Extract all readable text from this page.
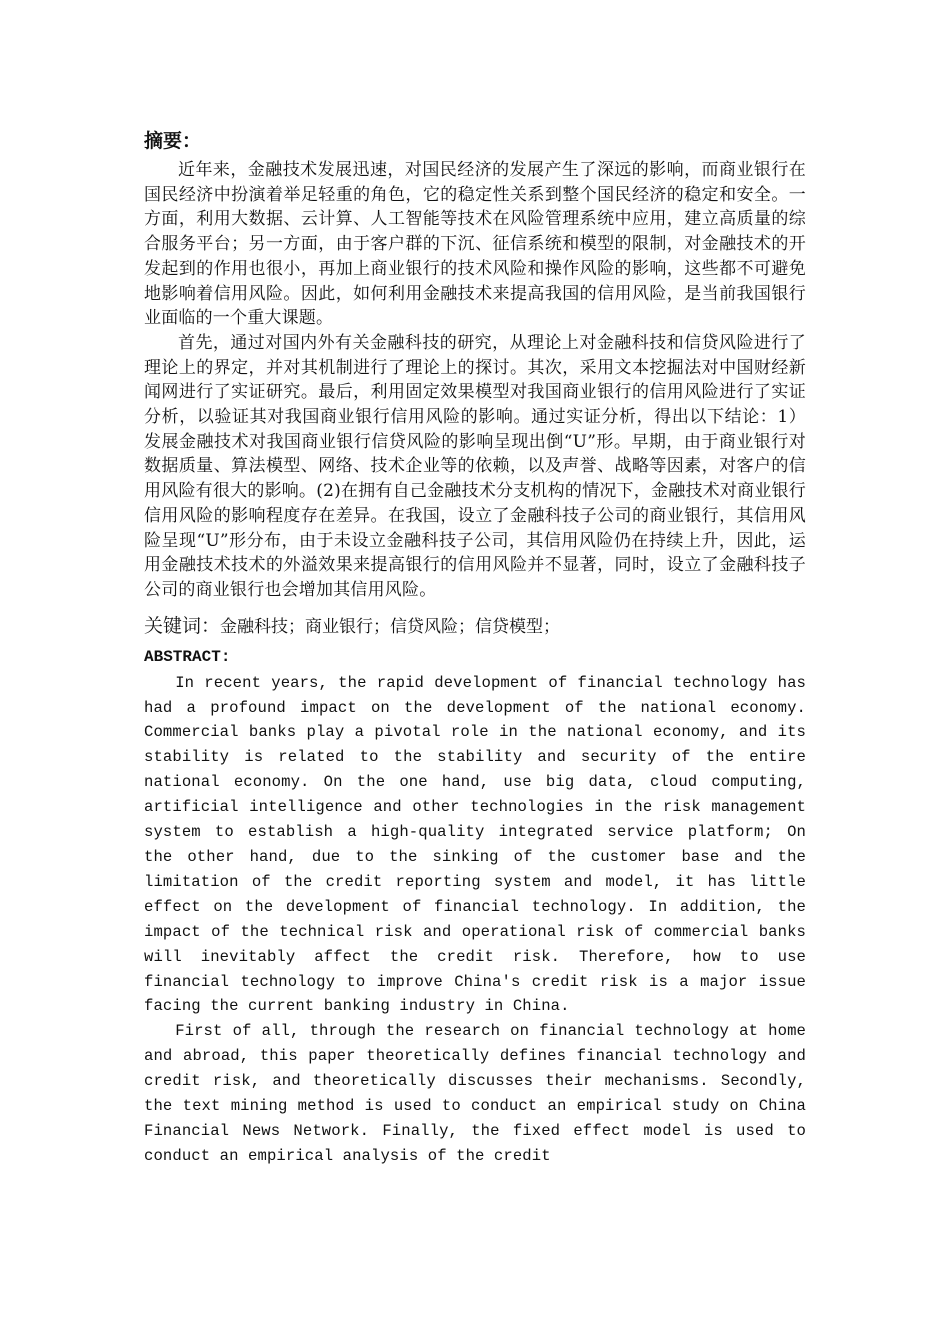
摘要：

近年来，金融技术发展迅速，对国民经济的发展产生了深远的影响，而商业银行在国民经济中扮演着举足轻重的角色，它的稳定性关系到整个国民经济的稳定和安全。一方面，利用大数据、云计算、人工智能等技术在风险管理系统中应用，建立高质量的综合服务平台；另一方面，由于客户群的下沉、征信系统和模型的限制，对金融技术的开发起到的作用也很小，再加上商业银行的技术风险和操作风险的影响，这些都不可避免地影响着信用风险。因此，如何利用金融技术来提高我国的信用风险，是当前我国银行业面临的一个重大课题。

首先，通过对国内外有关金融科技的研究，从理论上对金融科技和信贷风险进行了理论上的界定，并对其机制进行了理论上的探讨。其次，采用文本挖掘法对中国财经新闻网进行了实证研究。最后，利用固定效果模型对我国商业银行的信用风险进行了实证分析，以验证其对我国商业银行信用风险的影响。通过实证分析，得出以下结论：1）发展金融技术对我国商业银行信贷风险的影响呈现出倒“U”形。早期，由于商业银行对数据质量、算法模型、网络、技术企业等的依赖，以及声誉、战略等因素，对客户的信用风险有很大的影响。(2)在拥有自己金融技术分支机构的情况下，金融技术对商业银行信用风险的影响程度存在差异。在我国，设立了金融科技子公司的商业银行，其信用风险呈现“U”形分布，由于未设立金融科技子公司，其信用风险仍在持续上升，因此，运用金融技术技术的外溢效果来提高银行的信用风险并不显著，同时，设立了金融科技子公司的商业银行也会增加其信用风险。

关键词：金融科技；商业银行；信贷风险；信贷模型；

ABSTRACT:

In recent years, the rapid development of financial technology has had a profound impact on the development of the national economy. Commercial banks play a pivotal role in the national economy, and its stability is related to the stability and security of the entire national economy. On the one hand, use big data, cloud computing, artificial intelligence and other technologies in the risk management system to establish a high-quality integrated service platform; On the other hand, due to the sinking of the customer base and the limitation of the credit reporting system and model, it has little effect on the development of financial technology. In addition, the impact of the technical risk and operational risk of commercial banks will inevitably affect the credit risk. Therefore, how to use financial technology to improve China's credit risk is a major issue facing the current banking industry in China.

First of all, through the research on financial technology at home and abroad, this paper theoretically defines financial technology and credit risk, and theoretically discusses their mechanisms. Secondly, the text mining method is used to conduct an empirical study on China Financial News Network. Finally, the fixed effect model is used to conduct an empirical analysis of the credit
